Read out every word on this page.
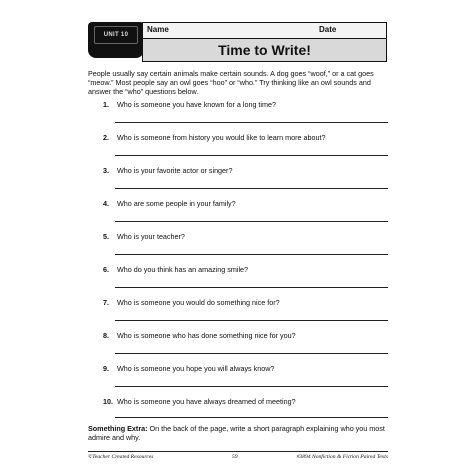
UNIT 10
Name	Date
Time to Write!
People usually say certain animals make certain sounds. A dog goes “woof,” or a cat goes “meow.” Most people say an owl goes “hoo” or “who.” Try thinking like an owl sounds and answer the “who” questions below.
1. Who is someone you have known for a long time?
2. Who is someone from history you would like to learn more about?
3. Who is your favorite actor or singer?
4. Who are some people in your family?
5. Who is your teacher?
6. Who do you think has an amazing smile?
7. Who is someone you would do something nice for?
8. Who is someone who has done something nice for you?
9. Who is someone you hope you will always know?
10. Who is someone you have always dreamed of meeting?
Something Extra: On the back of the page, write a short paragraph explaining who you most admire and why.
©Teacher Created Resources	59	#3894 Nonfiction & Fiction Paired Texts
